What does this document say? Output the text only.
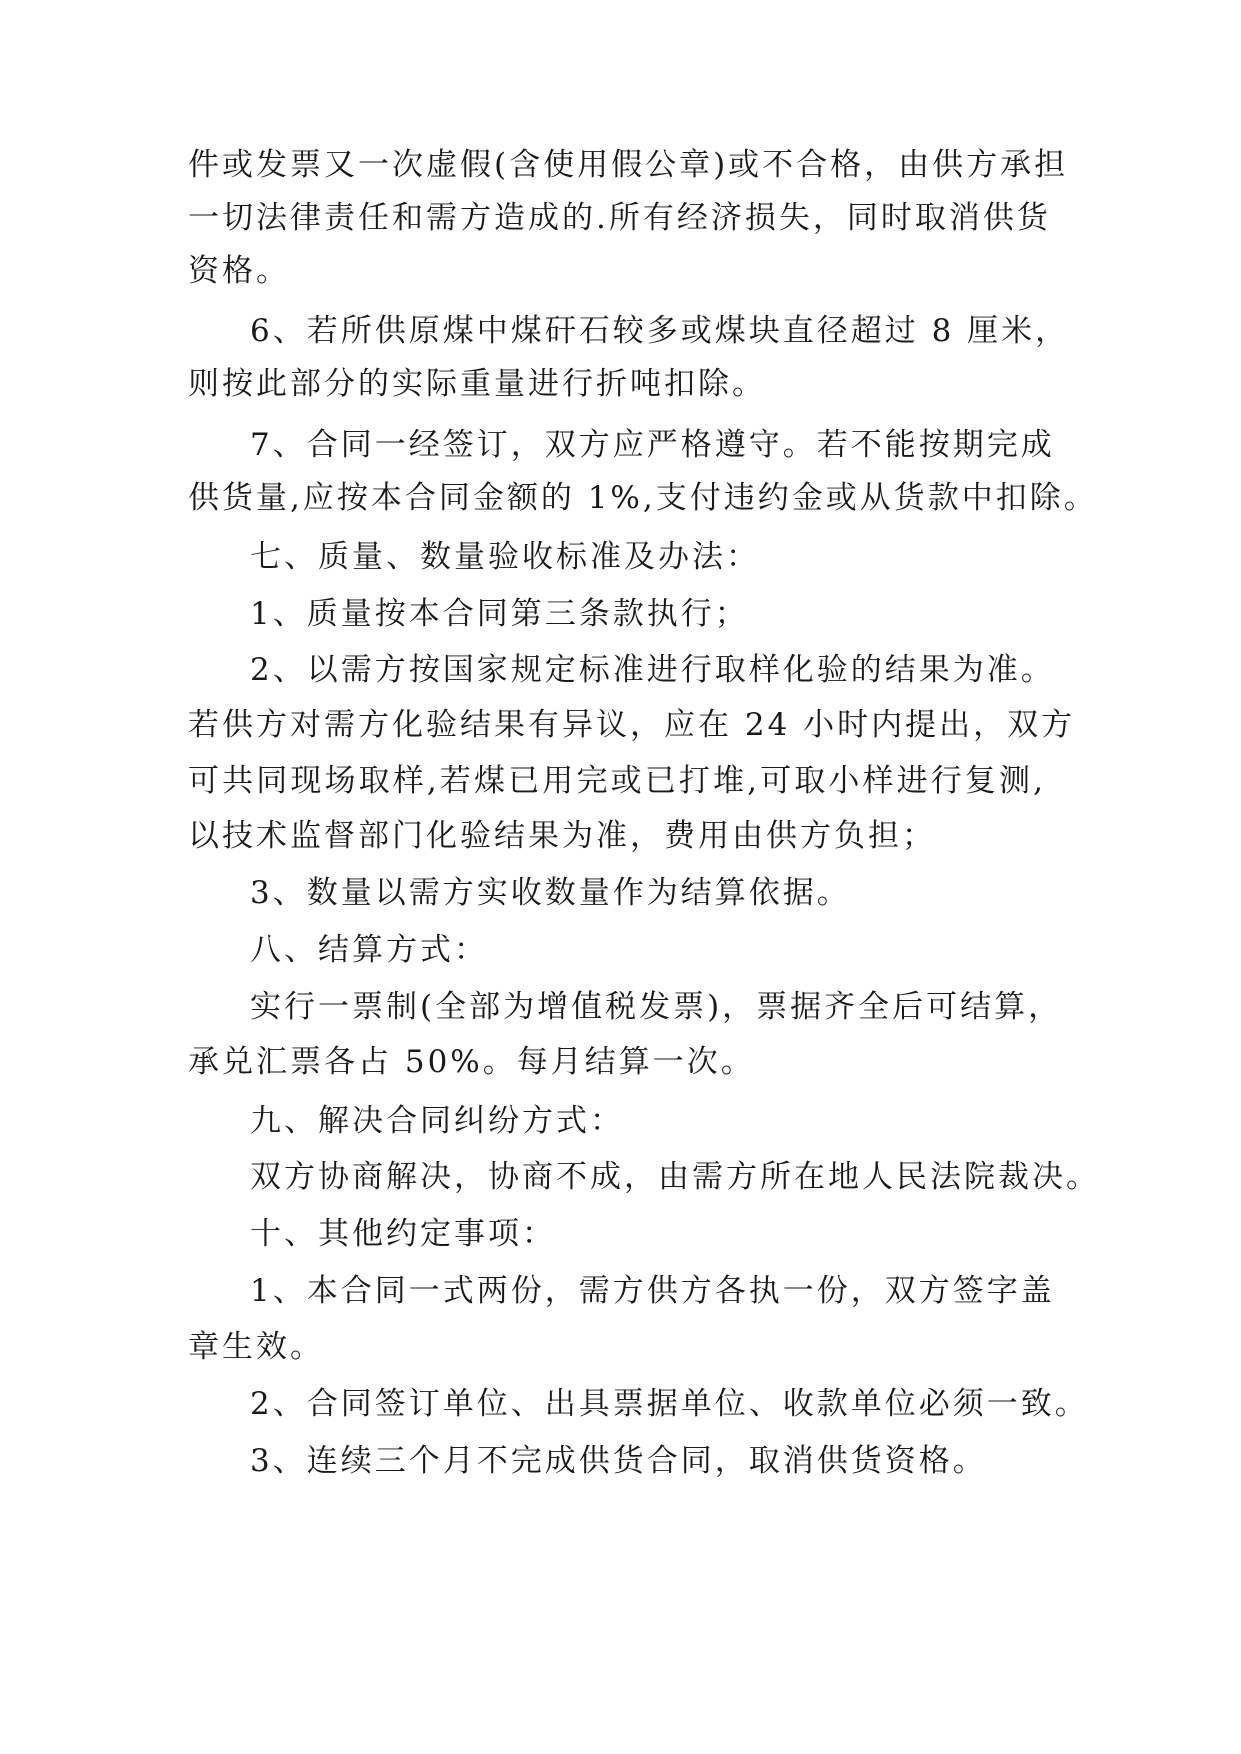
件或发票又一次虚假(含使用假公章)或不合格，由供方承担
一切法律责任和需方造成的.所有经济损失，同时取消供货
资格。
6、若所供原煤中煤矸石较多或煤块直径超过 8 厘米，
则按此部分的实际重量进行折吨扣除。
7、合同一经签订，双方应严格遵守。若不能按期完成
供货量,应按本合同金额的 1%,支付违约金或从货款中扣除。
七、质量、数量验收标准及办法：
1、质量按本合同第三条款执行；
2、以需方按国家规定标准进行取样化验的结果为准。
若供方对需方化验结果有异议，应在 24 小时内提出，双方
可共同现场取样,若煤已用完或已打堆,可取小样进行复测,
以技术监督部门化验结果为准，费用由供方负担；
3、数量以需方实收数量作为结算依据。
八、结算方式：
实行一票制(全部为增值税发票)，票据齐全后可结算，
承兑汇票各占 50%。每月结算一次。
九、解决合同纠纷方式：
双方协商解决，协商不成，由需方所在地人民法院裁决。
十、其他约定事项：
1、本合同一式两份，需方供方各执一份，双方签字盖
章生效。
2、合同签订单位、出具票据单位、收款单位必须一致。
3、连续三个月不完成供货合同，取消供货资格。
